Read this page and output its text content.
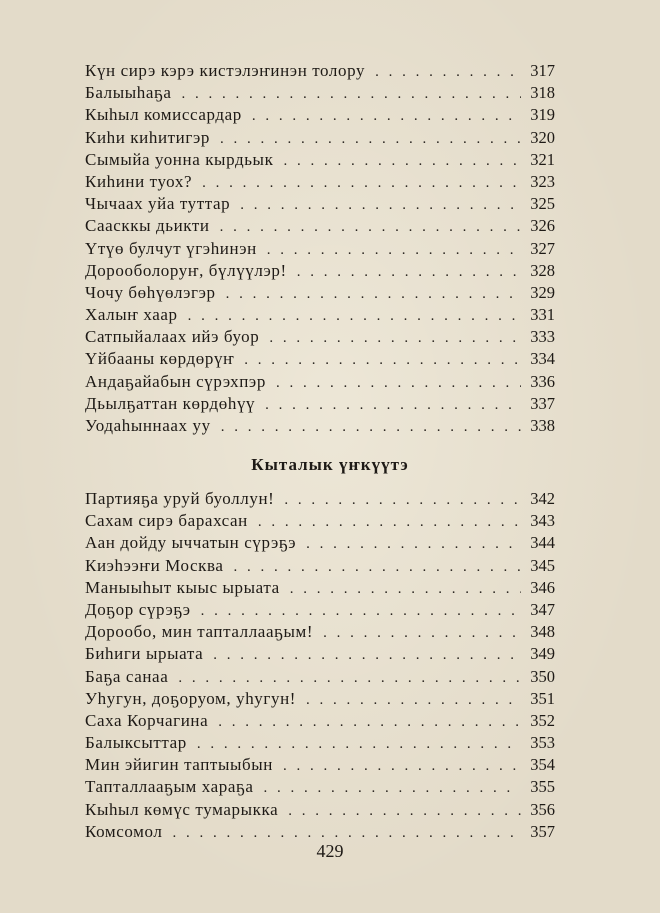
Күн сирэ кэрэ кистэлэҥинэн толору . . .	317
Балыыһаҕа . . .	318
Кыһыл комиссардар . . .	319
Киһи киһитигэр . . .	320
Сымыйа уонна кырдьык . . .	321
Киһини туох? . . .	323
Чычаах уйа туттар . . .	325
Саасккы дьикти . . .	326
Үтүө булчут үгэһинэн . . .	327
Дорооболоруҥ, бүлүүлэр! . . .	328
Чочу бөһүөлэгэр . . .	329
Халыҥ хаар . . .	331
Сатпыйалаах ийэ буор . . .	333
Үйбааны көрдөрүҥ . . .	334
Андаҕайабын сүрэхпэр . . .	336
Дьылҕаттан көрдөһүү . . .	337
Уодаһыннаах уу . . .	338
Кыталык үҥкүүтэ
Партияҕа уруй буоллун! . . .	342
Сахам сирэ барахсан . . .	343
Аан дойду ыччатын сүрэҕэ . . .	344
Киэһээҥи Москва . . .	345
Маныыһыт кыыс ырыата . . .	346
Доҕор сүрэҕэ . . .	347
Дорообо, мин тапталлааҕым! . . .	348
Биһиги ырыата . . .	349
Баҕа санаа . . .	350
Уһугун, доҕоруом, уһугун! . . .	351
Саха Корчагина . . .	352
Балыксыттар . . .	353
Мин эйигин таптыыбын . . .	354
Тапталлааҕым хараҕа . . .	355
Кыһыл көмүс тумарыкка . . .	356
Комсомол . . .	357
429
